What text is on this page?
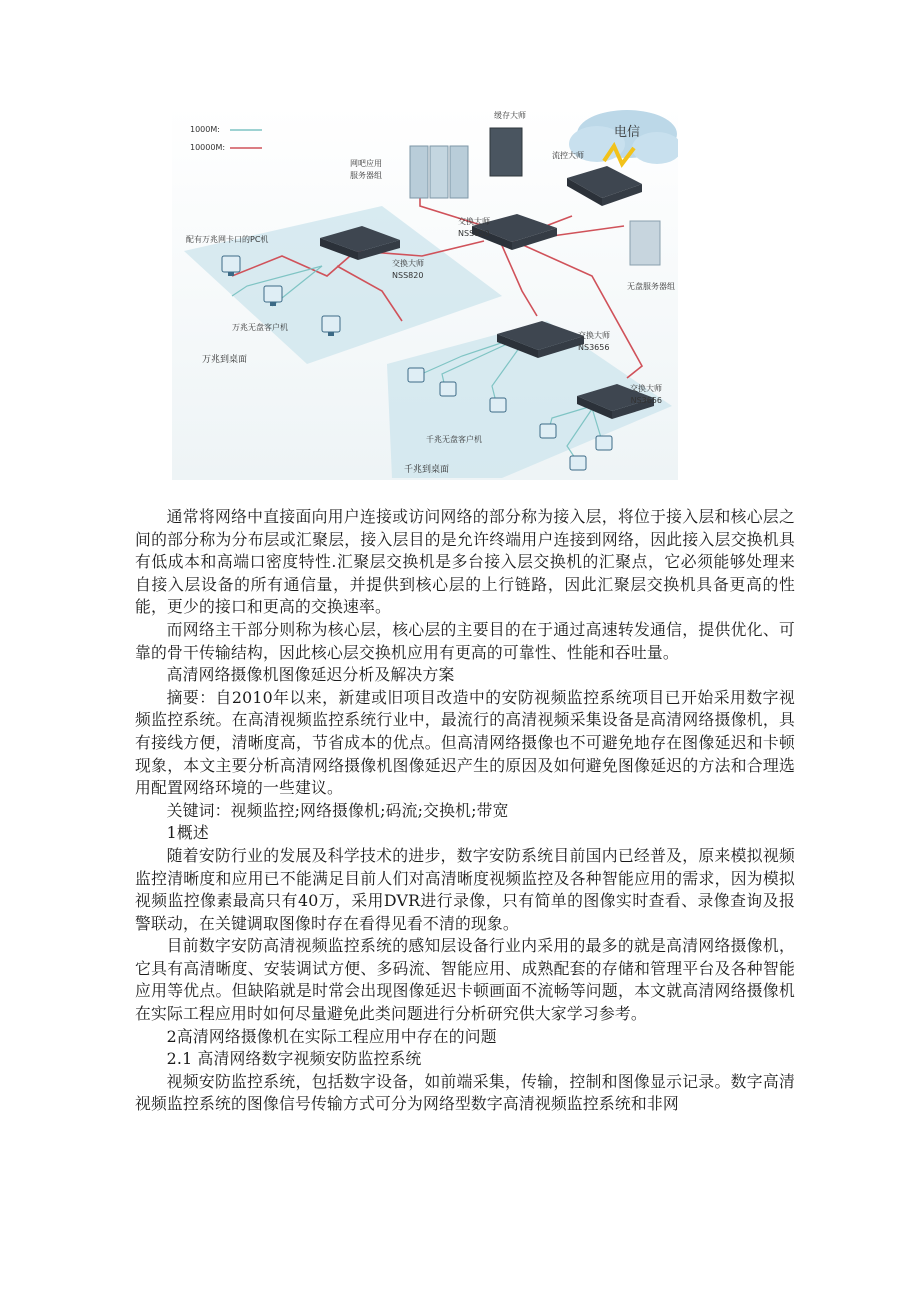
1000M:
10000M:
电信
网吧应用
服务器组
缓存大师
流控大师
无盘服务器组
交换大师
NSS820
交换大师
NSS820
交换大师
NS3656
交换大师
NS3656
配有万兆网卡口的PC机
万兆无盘客户机
万兆到桌面
千兆无盘客户机
千兆到桌面

通常将网络中直接面向用户连接或访问网络的部分称为接入层，将位于接入层和核心层之间的部分称为分布层或汇聚层，接入层目的是允许终端用户连接到网络，因此接入层交换机具有低成本和高端口密度特性.汇聚层交换机是多台接入层交换机的汇聚点，它必须能够处理来自接入层设备的所有通信量，并提供到核心层的上行链路，因此汇聚层交换机具备更高的性能，更少的接口和更高的交换速率。

而网络主干部分则称为核心层，核心层的主要目的在于通过高速转发通信，提供优化、可靠的骨干传输结构，因此核心层交换机应用有更高的可靠性、性能和吞吐量。

高清网络摄像机图像延迟分析及解决方案

摘要：自2010年以来，新建或旧项目改造中的安防视频监控系统项目已开始采用数字视频监控系统。在高清视频监控系统行业中，最流行的高清视频采集设备是高清网络摄像机，具有接线方便，清晰度高，节省成本的优点。但高清网络摄像也不可避免地存在图像延迟和卡顿现象，本文主要分析高清网络摄像机图像延迟产生的原因及如何避免图像延迟的方法和合理选用配置网络环境的一些建议。

关键词：视频监控;网络摄像机;码流;交换机;带宽

1概述

随着安防行业的发展及科学技术的进步，数字安防系统目前国内已经普及，原来模拟视频监控清晰度和应用已不能满足目前人们对高清晰度视频监控及各种智能应用的需求，因为模拟视频监控像素最高只有40万，采用DVR进行录像，只有简单的图像实时查看、录像查询及报警联动，在关键调取图像时存在看得见看不清的现象。

目前数字安防高清视频监控系统的感知层设备行业内采用的最多的就是高清网络摄像机，它具有高清晰度、安装调试方便、多码流、智能应用、成熟配套的存储和管理平台及各种智能应用等优点。但缺陷就是时常会出现图像延迟卡顿画面不流畅等问题，本文就高清网络摄像机在实际工程应用时如何尽量避免此类问题进行分析研究供大家学习参考。

2高清网络摄像机在实际工程应用中存在的问题

2.1 高清网络数字视频安防监控系统

视频安防监控系统，包括数字设备，如前端采集，传输，控制和图像显示记录。数字高清视频监控系统的图像信号传输方式可分为网络型数字高清视频监控系统和非网
